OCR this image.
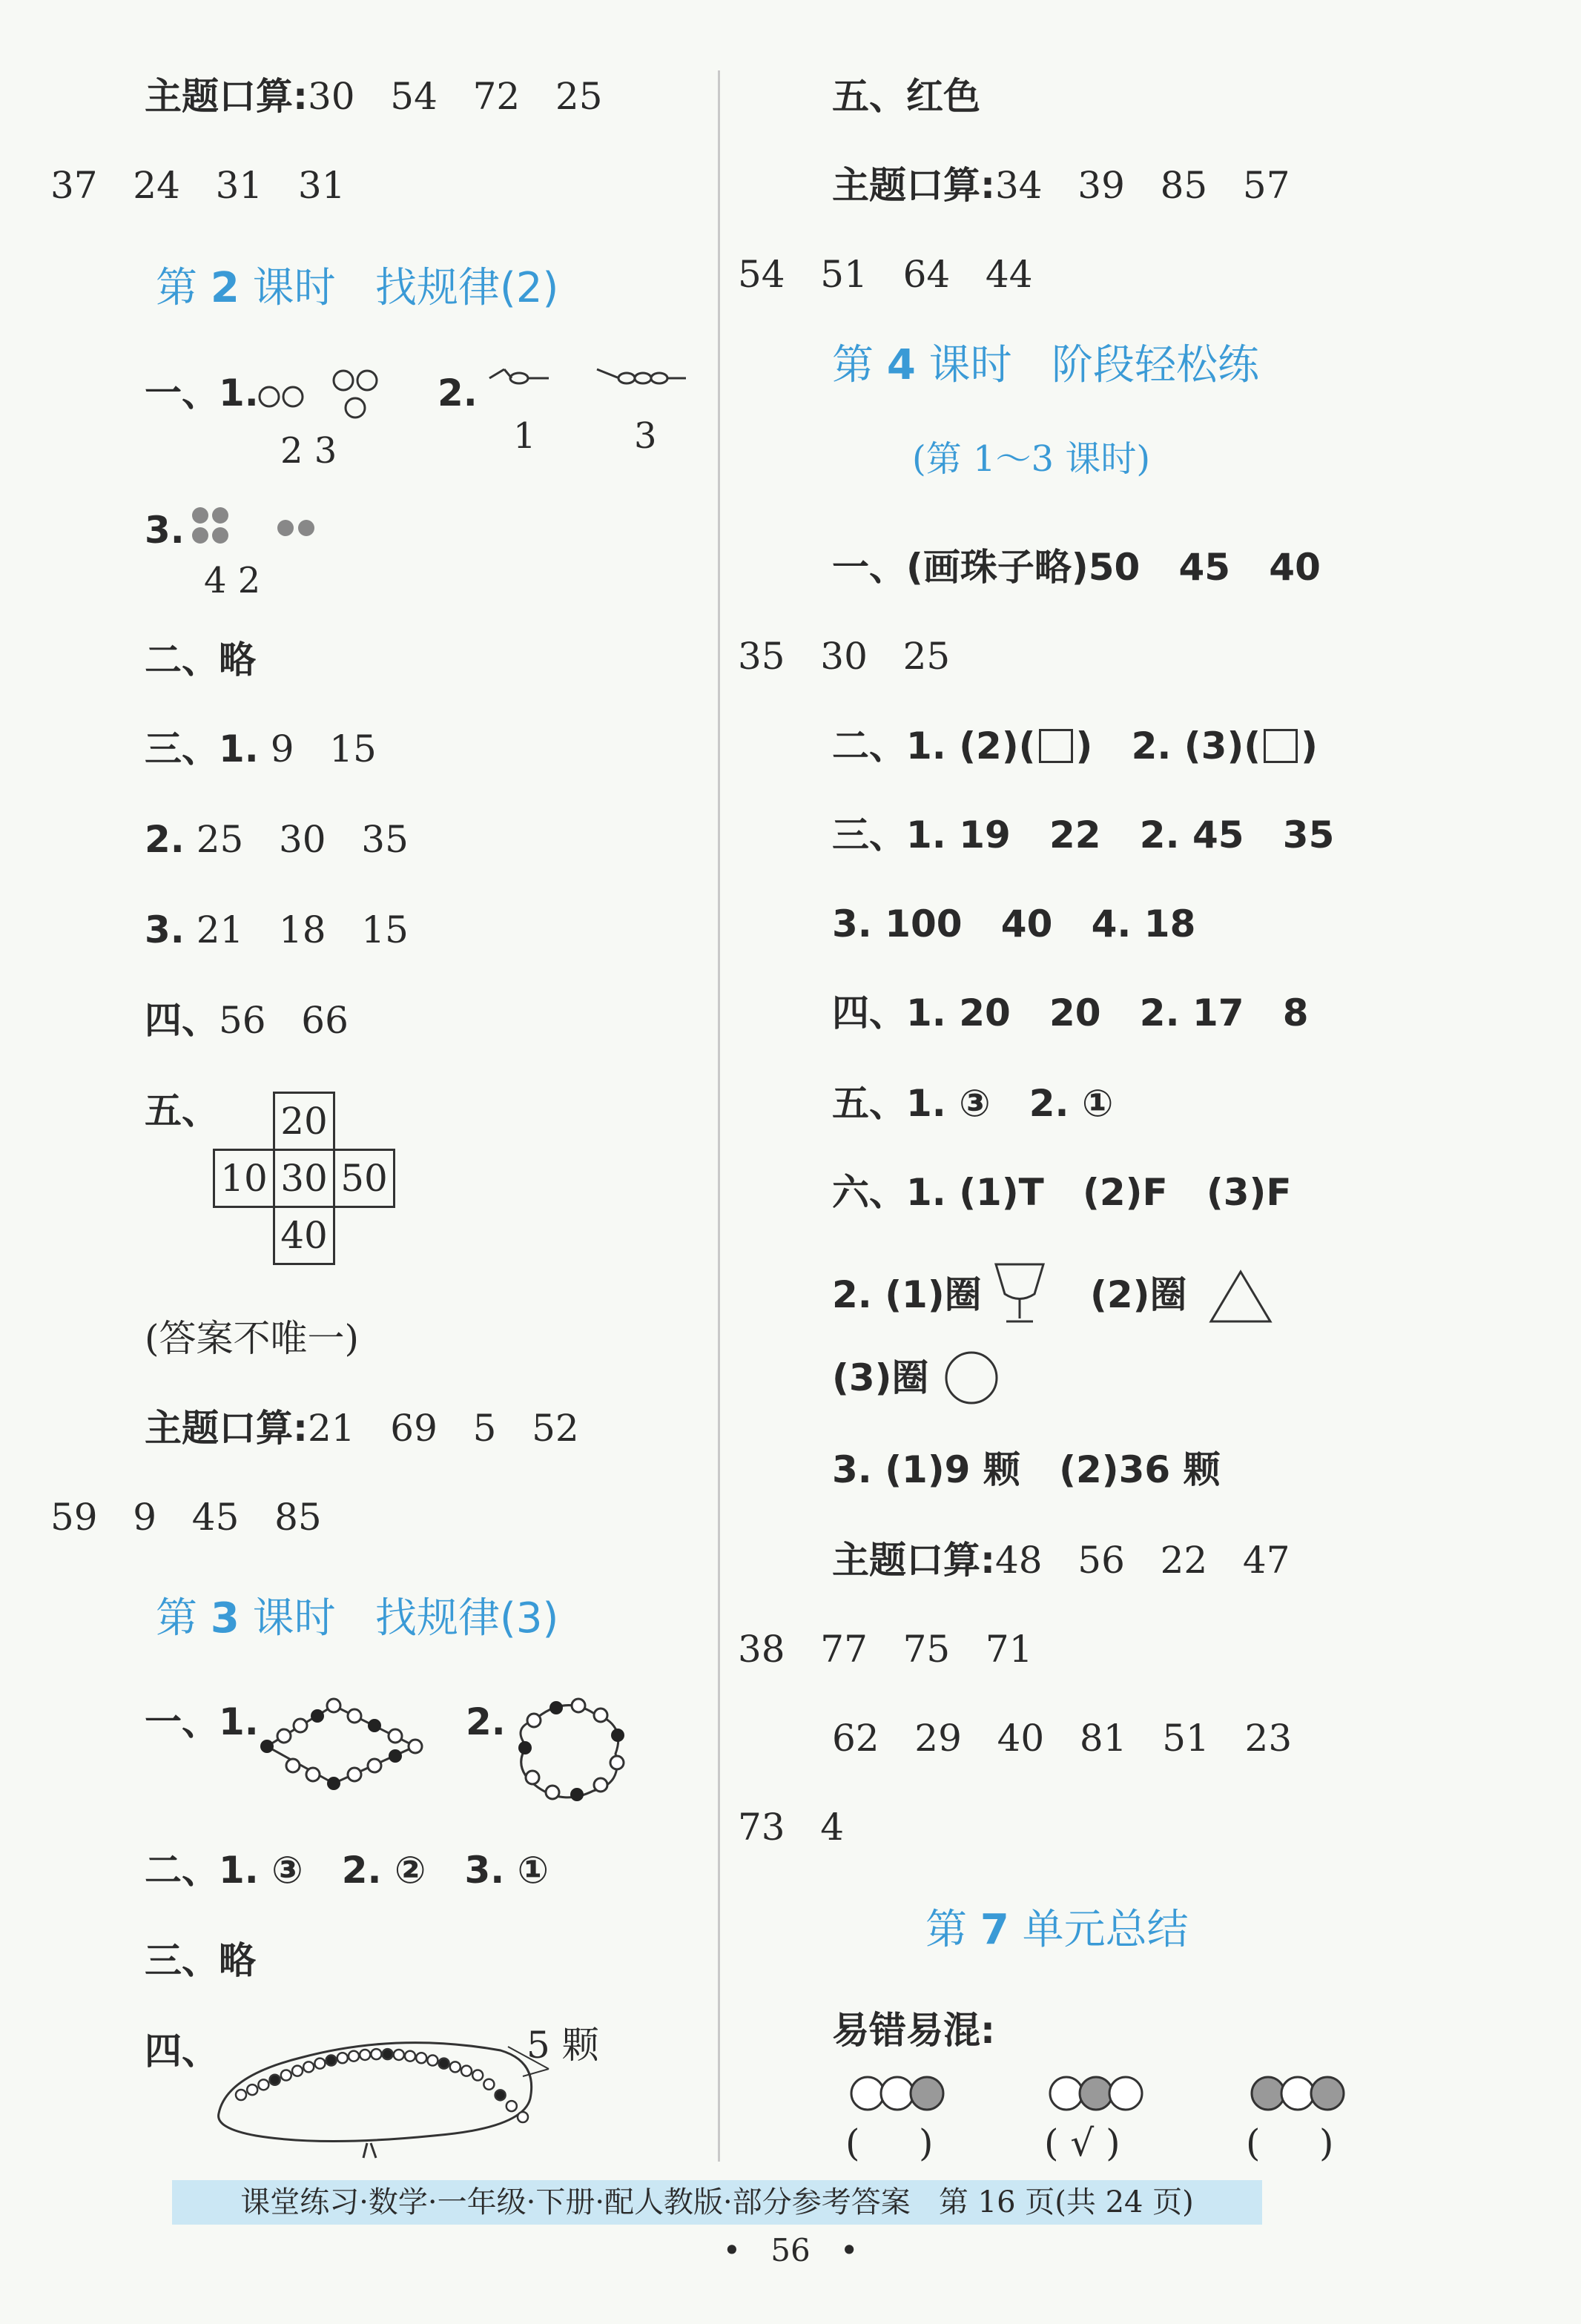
主题口算:30   54   72   25
37   24   31   31
第 2 课时   找规律(2)
一、1.
2 3
2.
1	3
3.
4 2
二、略
三、1. 9   15
2. 25   30   35
3. 21   18   15
四、56   66
五、
	20	
10	30	50
	40	
(答案不唯一)
主题口算:21   69   5   52
59   9   45   85
第 3 课时   找规律(3)
一、1.	2.
二、1. ③   2. ②   3. ①
三、略
四、	5 颗
五、红色
主题口算:34   39   85   57
54   51   64   44
第 4 课时   阶段轻松练
(第 1～3 课时)
一、(画珠子略)50   45   40
35   30   25
二、1. (2)( )   2. (3)( )
三、1. 19   22   2. 45   35
3. 100   40   4. 18
四、1. 20   20   2. 17   8
五、1. ③   2. ①
六、1. (1)T   (2)F   (3)F
2. (1)圈	(2)圈
(3)圈
3. (1)9 颗   (2)36 颗
主题口算:48   56   22   47
38   77   75   71
62   29   40   81   51   23
73   4
第 7 单元总结
易错易混:
(     )	( √ )	(     )
课堂练习·数学·一年级·下册·配人教版·部分参考答案   第 16 页(共 24 页)
•   56   •
